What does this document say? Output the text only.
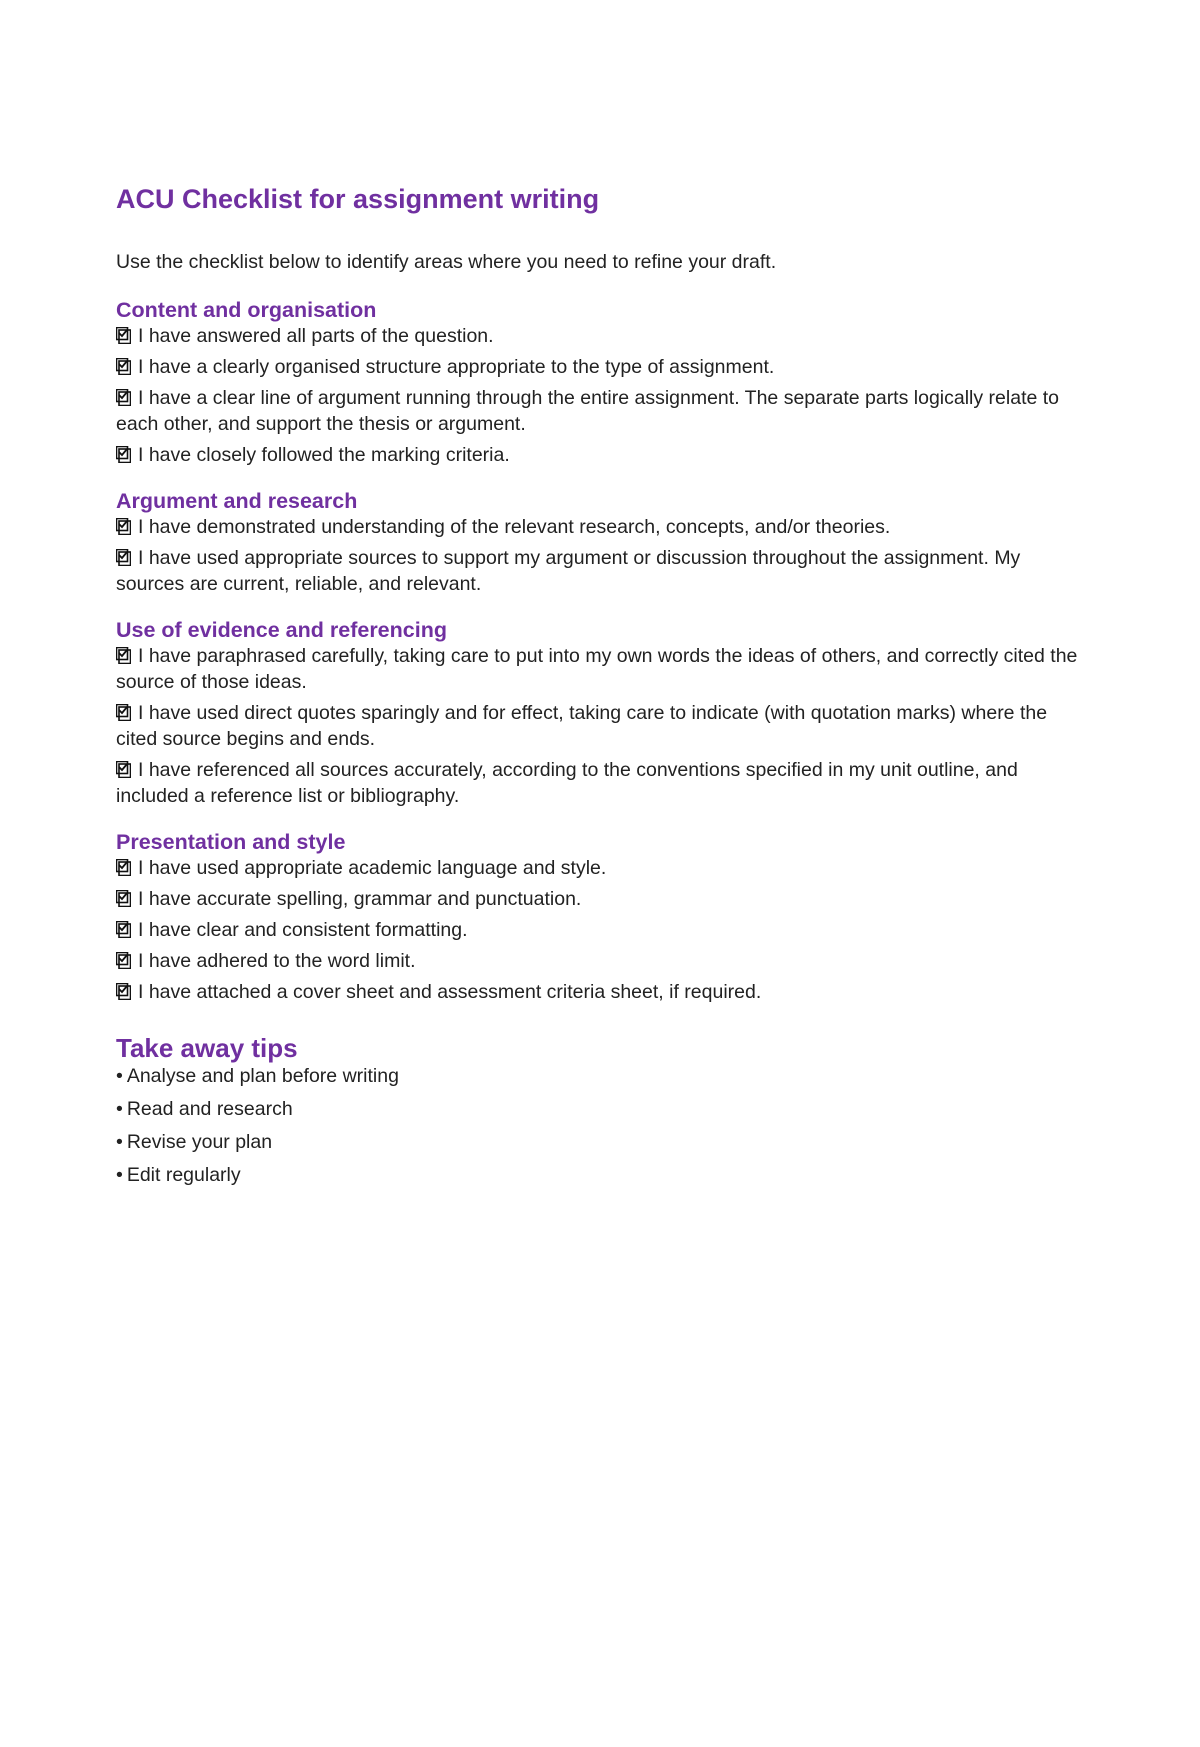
ACU Checklist for assignment writing

Use the checklist below to identify areas where you need to refine your draft.

Content and organisation
I have answered all parts of the question.
I have a clearly organised structure appropriate to the type of assignment.
I have a clear line of argument running through the entire assignment. The separate parts logically relate to each other, and support the thesis or argument.
I have closely followed the marking criteria.
Argument and research
I have demonstrated understanding of the relevant research, concepts, and/or theories.
I have used appropriate sources to support my argument or discussion throughout the assignment. My sources are current, reliable, and relevant.
Use of evidence and referencing
I have paraphrased carefully, taking care to put into my own words the ideas of others, and correctly cited the source of those ideas.
I have used direct quotes sparingly and for effect, taking care to indicate (with quotation marks) where the cited source begins and ends.
I have referenced all sources accurately, according to the conventions specified in my unit outline, and included a reference list or bibliography.
Presentation and style
I have used appropriate academic language and style.
I have accurate spelling, grammar and punctuation.
I have clear and consistent formatting.
I have adhered to the word limit.
I have attached a cover sheet and assessment criteria sheet, if required.
Take away tips
• Analyse and plan before writing
• Read and research
• Revise your plan
• Edit regularly
